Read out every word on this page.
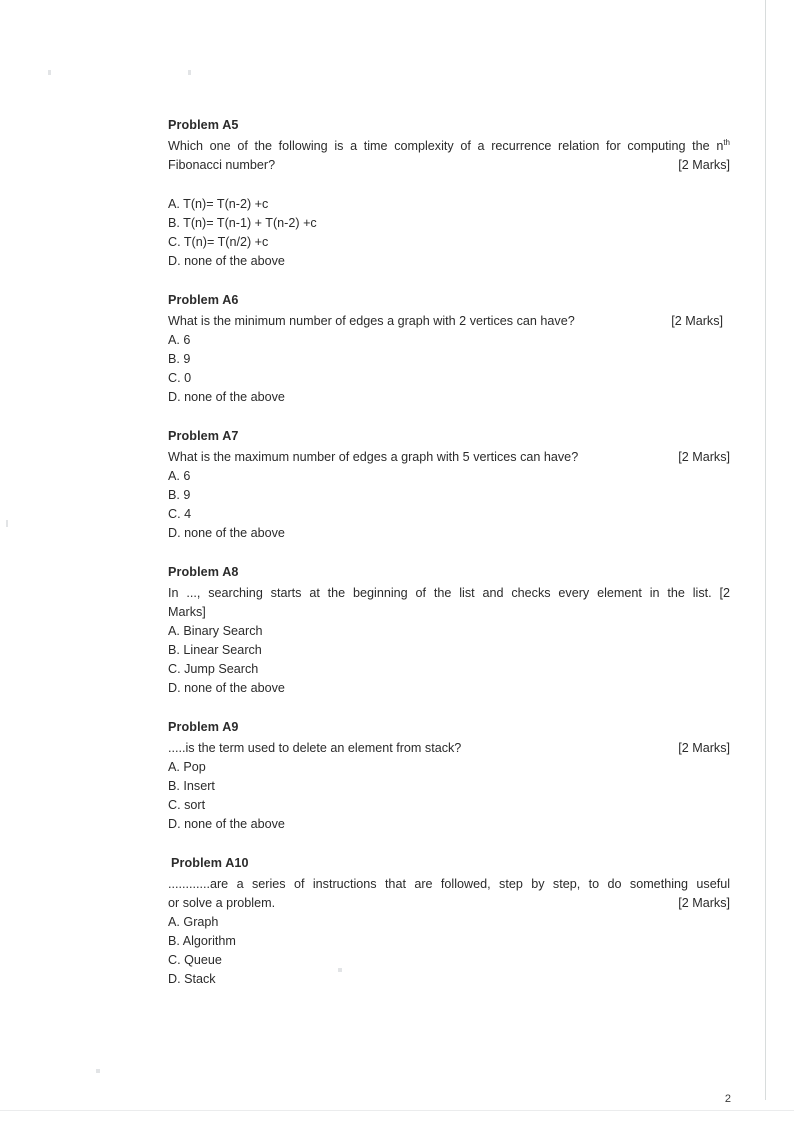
Problem A5
Which one of the following is a time complexity of a recurrence relation for computing the $n^{th}$
Fibonacci number?	[2 Marks]
A. T(n)= T(n-2) +c
B. T(n)= T(n-1) + T(n-2) +c
C. T(n)= T(n/2) +c
D. none of the above
Problem A6
What is the minimum number of edges a graph with 2 vertices can have?	[2 Marks]
A. 6
B. 9
C. 0
D. none of the above
Problem A7
What is the maximum number of edges a graph with 5 vertices can have?	[2 Marks]
A. 6
B. 9
C. 4
D. none of the above
Problem A8

In ..., searching starts at the beginning of the list and checks every element in the list. [2

Marks]
A. Binary Search
B. Linear Search
C. Jump Search
D. none of the above
Problem A9
.....is the term used to delete an element from stack?	[2 Marks]
A. Pop
B. Insert
C. sort
D. none of the above
Problem A10

............are a series of instructions that are followed, step by step, to do something useful

or solve a problem.	[2 Marks]
A. Graph
B. Algorithm
C. Queue
D. Stack
2
